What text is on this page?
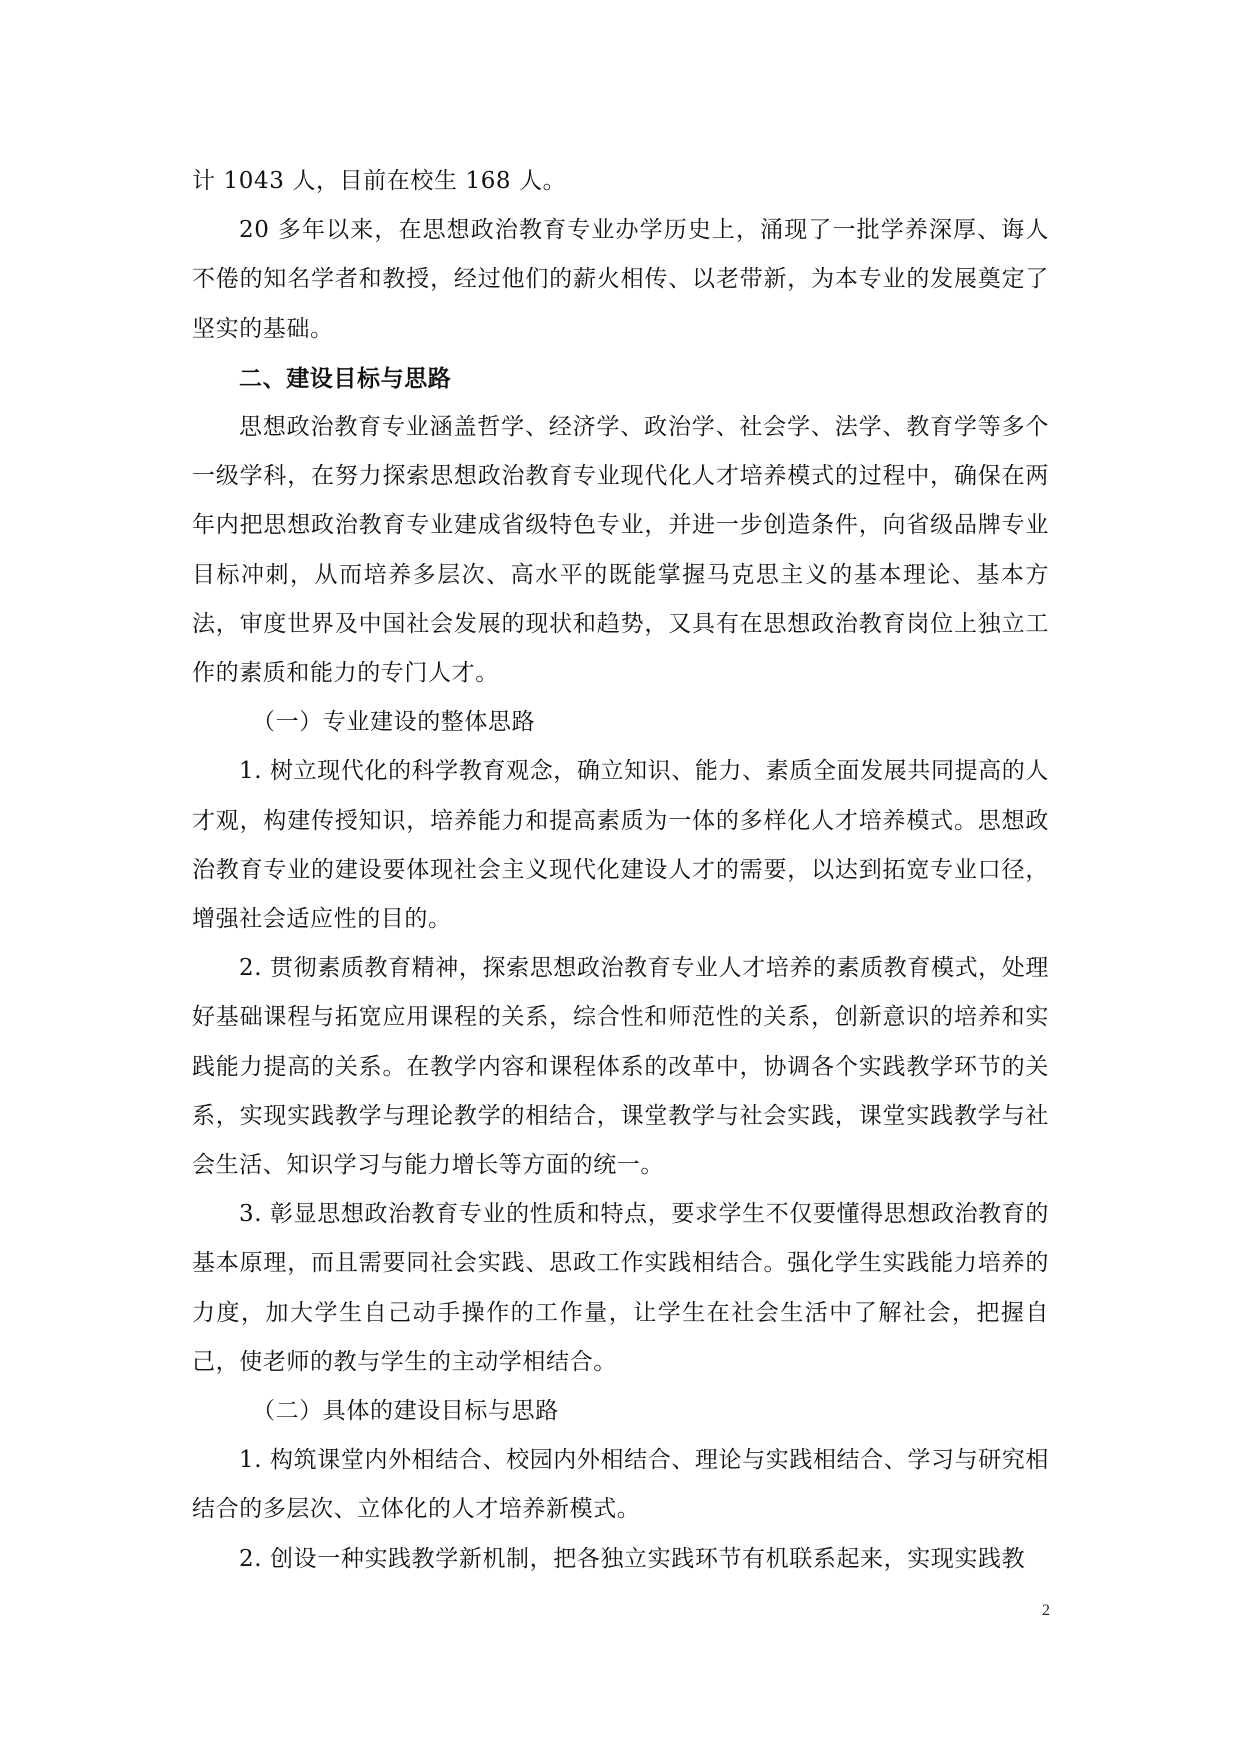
计 1043 人，目前在校生 168 人。

20 多年以来，在思想政治教育专业办学历史上，涌现了一批学养深厚、诲人不倦的知名学者和教授，经过他们的薪火相传、以老带新，为本专业的发展奠定了坚实的基础。

二、建设目标与思路

思想政治教育专业涵盖哲学、经济学、政治学、社会学、法学、教育学等多个一级学科，在努力探索思想政治教育专业现代化人才培养模式的过程中，确保在两年内把思想政治教育专业建成省级特色专业，并进一步创造条件，向省级品牌专业目标冲刺，从而培养多层次、高水平的既能掌握马克思主义的基本理论、基本方法，审度世界及中国社会发展的现状和趋势，又具有在思想政治教育岗位上独立工作的素质和能力的专门人才。

（一）专业建设的整体思路

1. 树立现代化的科学教育观念，确立知识、能力、素质全面发展共同提高的人才观，构建传授知识，培养能力和提高素质为一体的多样化人才培养模式。思想政治教育专业的建设要体现社会主义现代化建设人才的需要，以达到拓宽专业口径，增强社会适应性的目的。

2. 贯彻素质教育精神，探索思想政治教育专业人才培养的素质教育模式，处理好基础课程与拓宽应用课程的关系，综合性和师范性的关系，创新意识的培养和实践能力提高的关系。在教学内容和课程体系的改革中，协调各个实践教学环节的关系，实现实践教学与理论教学的相结合，课堂教学与社会实践，课堂实践教学与社会生活、知识学习与能力增长等方面的统一。

3. 彰显思想政治教育专业的性质和特点，要求学生不仅要懂得思想政治教育的基本原理，而且需要同社会实践、思政工作实践相结合。强化学生实践能力培养的力度，加大学生自己动手操作的工作量，让学生在社会生活中了解社会，把握自己，使老师的教与学生的主动学相结合。

（二）具体的建设目标与思路

1. 构筑课堂内外相结合、校园内外相结合、理论与实践相结合、学习与研究相结合的多层次、立体化的人才培养新模式。

2. 创设一种实践教学新机制，把各独立实践环节有机联系起来，实现实践教

2
